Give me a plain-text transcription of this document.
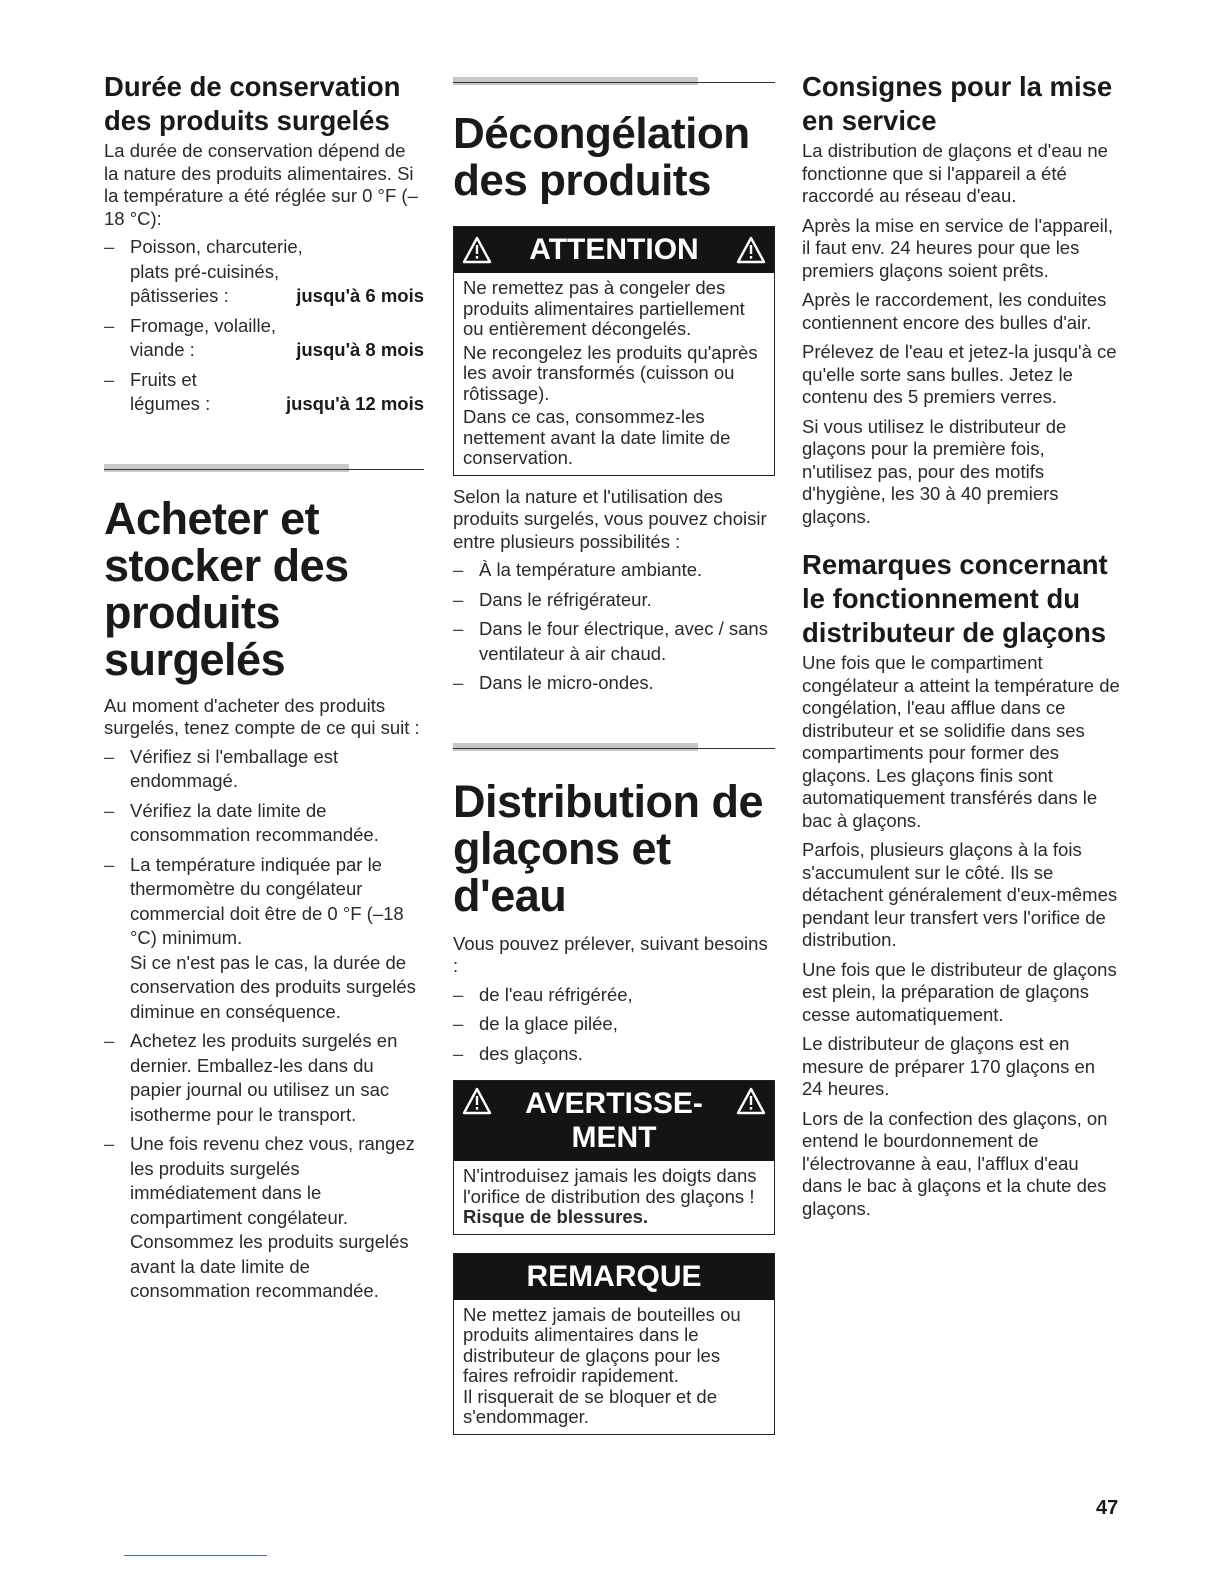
Durée de conservation des produits surgelés

La durée de conservation dépend de la nature des produits alimentaires. Si la température a été réglée sur 0 °F (–18 °C):

– Poisson, charcuterie,
plats pré-cuisinés,
pâtisseries :	jusqu'à 6 mois
– Fromage, volaille,
viande :	jusqu'à 8 mois
– Fruits et
légumes :	jusqu'à 12 mois
Acheter et stocker des produits surgelés

Au moment d'acheter des produits surgelés, tenez compte de ce qui suit :

– Vérifiez si l'emballage est endommagé.
– Vérifiez la date limite de consommation recommandée.
– La température indiquée par le thermomètre du congélateur commercial doit être de 0 °F (–18 °C) minimum.
Si ce n'est pas le cas, la durée de conservation des produits surgelés diminue en conséquence.
– Achetez les produits surgelés en dernier. Emballez-les dans du papier journal ou utilisez un sac isotherme pour le transport.
– Une fois revenu chez vous, rangez les produits surgelés immédiatement dans le compartiment congélateur. Consommez les produits surgelés avant la date limite de consommation recommandée.
Décongélation des produits
ATTENTION

Ne remettez pas à congeler des produits alimentaires partiellement ou entièrement décongelés.

Ne recongelez les produits qu'après les avoir transformés (cuisson ou rôtissage).

Dans ce cas, consommez-les nettement avant la date limite de conservation.

Selon la nature et l'utilisation des produits surgelés, vous pouvez choisir entre plusieurs possibilités :

– À la température ambiante.
– Dans le réfrigérateur.
– Dans le four électrique, avec / sans ventilateur à air chaud.
– Dans le micro-ondes.
Distribution de glaçons et d'eau

Vous pouvez prélever, suivant besoins :

– de l'eau réfrigérée,
– de la glace pilée,
– des glaçons.
AVERTISSE-
MENT

N'introduisez jamais les doigts dans l'orifice de distribution des glaçons ! Risque de blessures.

REMARQUE

Ne mettez jamais de bouteilles ou produits alimentaires dans le distributeur de glaçons pour les faires refroidir rapidement.

Il risquerait de se bloquer et de s'endommager.

Consignes pour la mise en service

La distribution de glaçons et d'eau ne fonctionne que si l'appareil a été raccordé au réseau d'eau.

Après la mise en service de l'appareil, il faut env. 24 heures pour que les premiers glaçons soient prêts.

Après le raccordement, les conduites contiennent encore des bulles d'air.

Prélevez de l'eau et jetez-la jusqu'à ce qu'elle sorte sans bulles. Jetez le contenu des 5 premiers verres.

Si vous utilisez le distributeur de glaçons pour la première fois, n'utilisez pas, pour des motifs d'hygiène, les 30 à 40 premiers glaçons.

Remarques concernant le fonctionnement du distributeur de glaçons

Une fois que le compartiment congélateur a atteint la température de congélation, l'eau afflue dans ce distributeur et se solidifie dans ses compartiments pour former des glaçons. Les glaçons finis sont automatiquement transférés dans le bac à glaçons.

Parfois, plusieurs glaçons à la fois s'accumulent sur le côté. Ils se détachent généralement d'eux-mêmes pendant leur transfert vers l'orifice de distribution.

Une fois que le distributeur de glaçons est plein, la préparation de glaçons cesse automatiquement.

Le distributeur de glaçons est en mesure de préparer 170 glaçons en 24 heures.

Lors de la confection des glaçons, on entend le bourdonnement de l'électrovanne à eau, l'afflux d'eau dans le bac à glaçons et la chute des glaçons.

47
